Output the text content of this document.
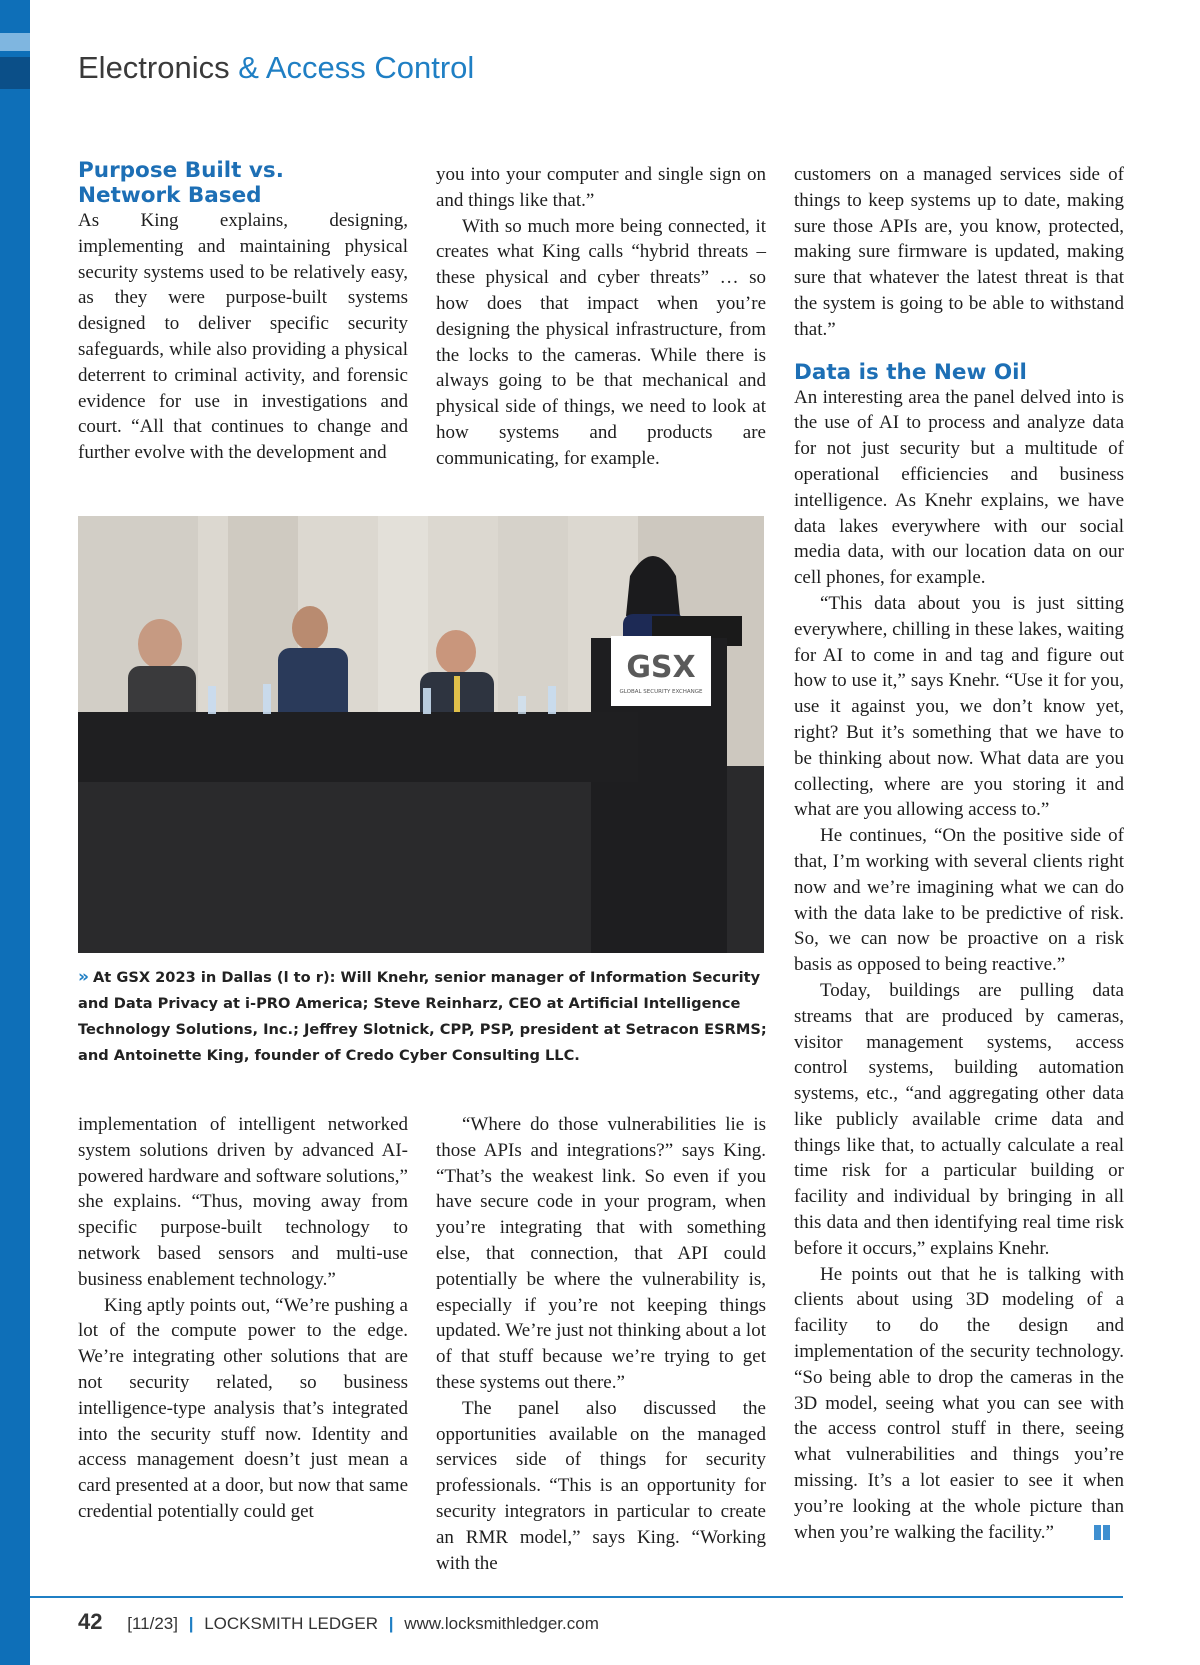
Electronics & Access Control
Purpose Built vs.
Network Based

As King explains, designing, implementing and maintaining physical security systems used to be relatively easy, as they were purpose-built systems designed to deliver specific security safeguards, while also providing a physical deterrent to criminal activity, and forensic evidence for use in investigations and court. “All that continues to change and further evolve with the development and

you into your computer and single sign on and things like that.”

With so much more being connected, it creates what King calls “hybrid threats – these physical and cyber threats” … so how does that impact when you’re designing the physical infrastructure, from the locks to the cameras. While there is always going to be that mechanical and physical side of things, we need to look at how systems and products are communicating, for example.

GSX
GLOBAL SECURITY EXCHANGE
» At GSX 2023 in Dallas (l to r): Will Knehr, senior manager of Information Security and Data Privacy at i-PRO America; Steve Reinharz, CEO at Artificial Intelligence Technology Solutions, Inc.; Jeffrey Slotnick, CPP, PSP, president at Setracon ESRMS; and Antoinette King, founder of Credo Cyber Consulting LLC.

implementation of intelligent networked system solutions driven by advanced AI-powered hardware and software solutions,” she explains. “Thus, moving away from specific purpose-built technology to network based sensors and multi-use business enablement technology.”

King aptly points out, “We’re pushing a lot of the compute power to the edge. We’re integrating other solutions that are not security related, so business intelligence-type analysis that’s integrated into the security stuff now. Identity and access management doesn’t just mean a card presented at a door, but now that same credential potentially could get

“Where do those vulnerabilities lie is those APIs and integrations?” says King. “That’s the weakest link. So even if you have secure code in your program, when you’re integrating that with something else, that connection, that API could potentially be where the vulnerability is, especially if you’re not keeping things updated. We’re just not thinking about a lot of that stuff because we’re trying to get these systems out there.”

The panel also discussed the opportunities available on the managed services side of things for security professionals. “This is an opportunity for security integrators in particular to create an RMR model,” says King. “Working with the

customers on a managed services side of things to keep systems up to date, making sure those APIs are, you know, protected, making sure firmware is updated, making sure that whatever the latest threat is that the system is going to be able to withstand that.”

Data is the New Oil

An interesting area the panel delved into is the use of AI to process and analyze data for not just security but a multitude of operational efficiencies and business intelligence. As Knehr explains, we have data lakes everywhere with our social media data, with our location data on our cell phones, for example.

“This data about you is just sitting everywhere, chilling in these lakes, waiting for AI to come in and tag and figure out how to use it,” says Knehr. “Use it for you, use it against you, we don’t know yet, right? But it’s something that we have to be thinking about now. What data are you collecting, where are you storing it and what are you allowing access to.”

He continues, “On the positive side of that, I’m working with several clients right now and we’re imagining what we can do with the data lake to be predictive of risk. So, we can now be proactive on a risk basis as opposed to being reactive.”

Today, buildings are pulling data streams that are produced by cameras, visitor management systems, access control systems, building automation systems, etc., “and aggregating other data like publicly available crime data and things like that, to actually calculate a real time risk for a particular building or facility and individual by bringing in all this data and then identifying real time risk before it occurs,” explains Knehr.

He points out that he is talking with clients about using 3D modeling of a facility to do the design and implementation of the security technology. “So being able to drop the cameras in the 3D model, seeing what you can see with the access control stuff in there, seeing what vulnerabilities and things you’re missing. It’s a lot easier to see it when you’re looking at the whole picture than when you’re walking the facility.”

42 [11/23] | LOCKSMITH LEDGER | www.locksmithledger.com
